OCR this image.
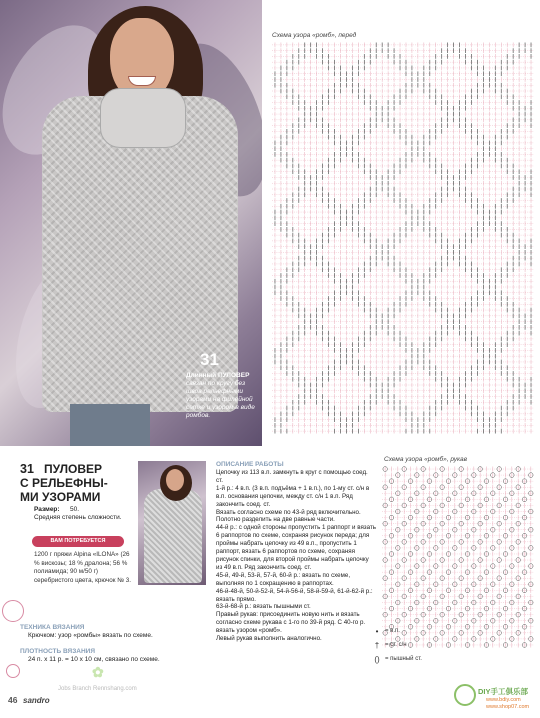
31
Длинный ПУЛОВЕР связан по кругу без швов рельефными узорами на филейной сетке и узором в виде ромбов.
Схема узора «ромб», перед
Схема узора «ромб», рукав
•	= в.п.
† = ст. с/н
() = пышный ст.
31 ПУЛОВЕР
С РЕЛЬЕФНЫ-
МИ УЗОРАМИ
Размер: 50.
Средняя степень сложности.
ВАМ ПОТРЕБУЕТСЯ
1200 г пряжи Alpina «ILONA» (26 % вискозы; 18 % дралона; 56 % полиамида; 90 м/50 г) серебристого цвета, крючок № 3.
ТЕХНИКА ВЯЗАНИЯ
Крючком: узор «ромбы» вязать по схеме.
ПЛОТНОСТЬ ВЯЗАНИЯ
24 п. х 11 р. = 10 х 10 см, связано по схеме.
ОПИСАНИЕ РАБОТЫ

Цепочку из 113 в.п. замкнуть в круг с помощью соед. ст.

1-й р.: 4 в.п. (3 в.п. подъёма + 1 в.п.), по 1-му ст. с/н в в.п. основания цепочки, между ст. с/н 1 в.п. Ряд закончить соед. ст.

Вязать согласно схеме по 43-й ряд включительно.

Полотно разделить на две равные части.

44-й р.: с одной стороны пропустить 1 раппорт и вязать 6 раппортов по схеме, сохраняя рисунок переда; для проймы набрать цепочку из 49 в.п., пропустить 1 раппорт, вязать 6 раппортов по схеме, сохраняя рисунок спинки, для второй проймы набрать цепочку из 49 в.п. Ряд закончить соед. ст.

45-й, 49-й, 53-й, 57-й, 60-й р.: вязать по схеме, выполняя по 1 сокращению в раппортах.

46-й-48-й, 50-й-52-й, 54-й-56-й, 58-й-59-й, 61-й-62-й р.: вязать прямо.

63-й-68-й р.: вязать пышными ст.

Правый рукав: присоединить новую нить и вязать согласно схеме рукава с 1-го по 39-й ряд. С 40-го р. вязать узором «ромб».

Левый рукав выполнить аналогично.

✿
Jobs Branch Rennshang.com
46 sandro
DIY手工俱乐部
www.bdiy.com
www.shop07.com
